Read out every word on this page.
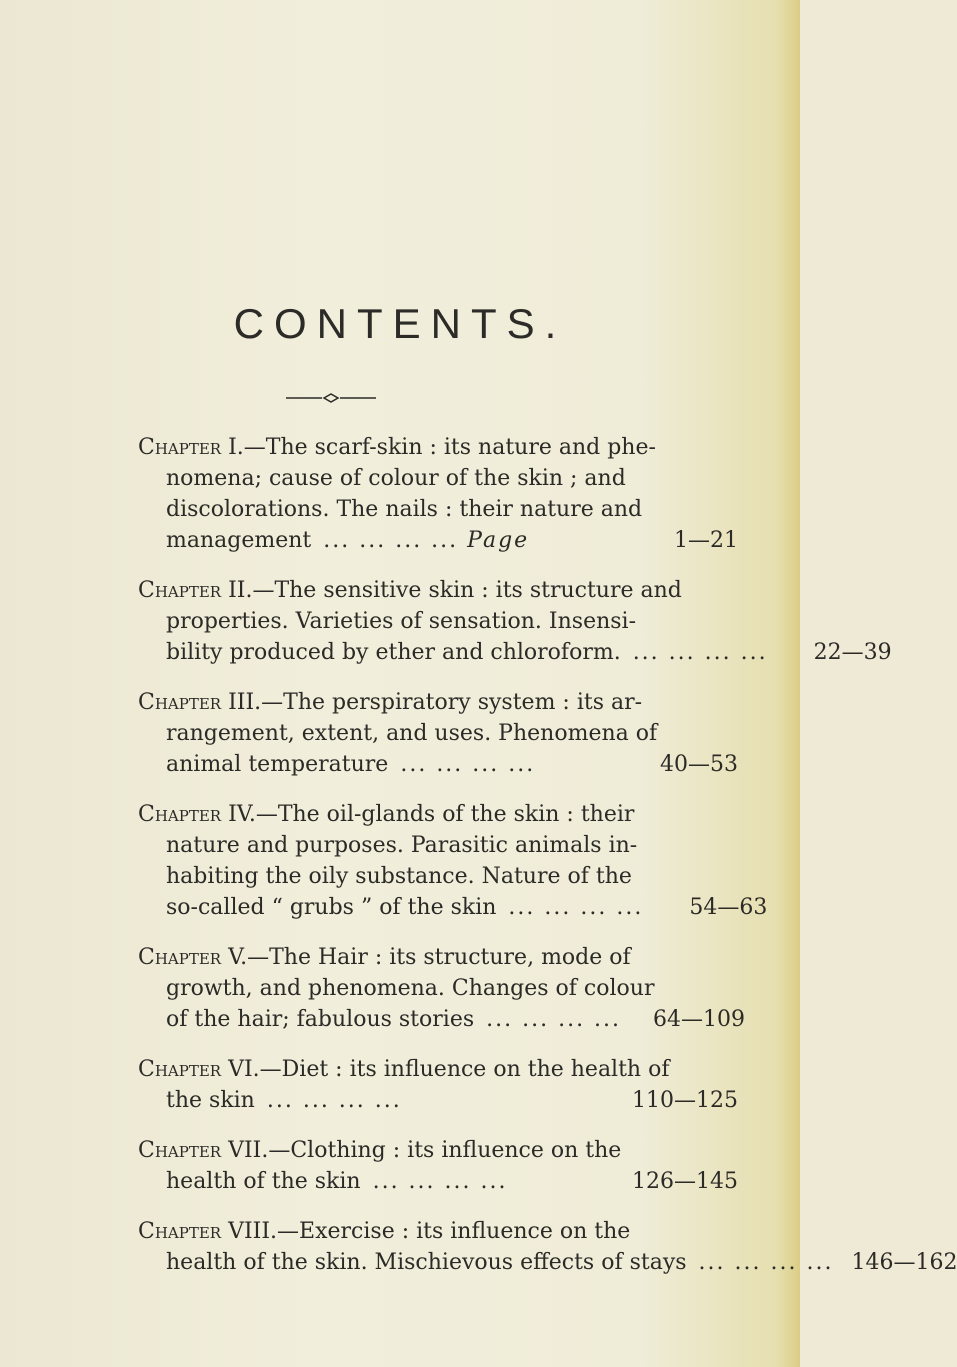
CONTENTS.
Chapter I.—The scarf-skin : its nature and phe-
nomena; cause of colour of the skin ; and
discolorations. The nails : their nature and
management ... ... ... ... Page	1—21
Chapter II.—The sensitive skin : its structure and
properties. Varieties of sensation. Insensi-
bility produced by ether and chloroform. ... ... ... ...	22—39
Chapter III.—The perspiratory system : its ar-
rangement, extent, and uses. Phenomena of
animal temperature ... ... ... ...	40—53
Chapter IV.—The oil-glands of the skin : their
nature and purposes. Parasitic animals in-
habiting the oily substance. Nature of the
so-called “ grubs ” of the skin ... ... ... ...	54—63
Chapter V.—The Hair : its structure, mode of
growth, and phenomena. Changes of colour
of the hair; fabulous stories ... ... ... ...	64—109
Chapter VI.—Diet : its influence on the health of
the skin ... ... ... ...	110—125
Chapter VII.—Clothing : its influence on the
health of the skin ... ... ... ...	126—145
Chapter VIII.—Exercise : its influence on the
health of the skin. Mischievous effects of stays ... ... ... ... 146—162
